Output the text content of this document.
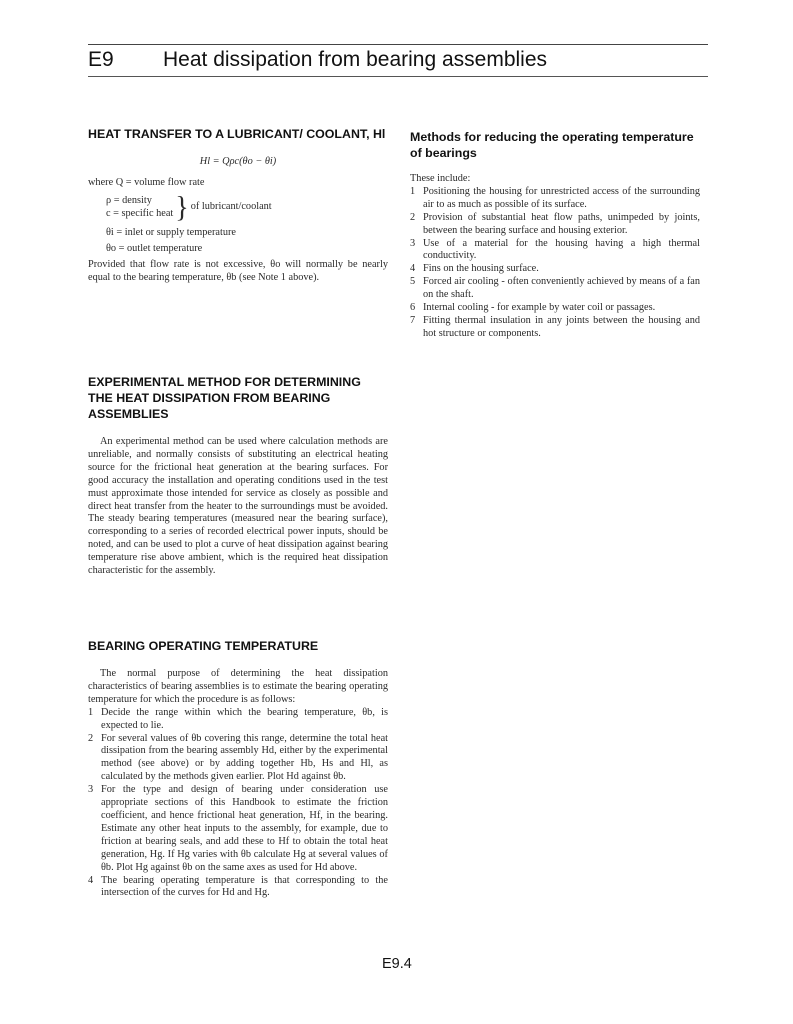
E9 Heat dissipation from bearing assemblies
HEAT TRANSFER TO A LUBRICANT/ COOLANT, Hl

Hl = Qρc(θo − θi)

where Q = volume flow rate

ρ = density
c = specific heat } of lubricant/coolant

θi = inlet or supply temperature

θo = outlet temperature

Provided that flow rate is not excessive, θo will normally be nearly equal to the bearing temperature, θb (see Note 1 above).

EXPERIMENTAL METHOD FOR DETERMINING THE HEAT DISSIPATION FROM BEARING ASSEMBLIES

An experimental method can be used where calculation methods are unreliable, and normally consists of substituting an electrical heating source for the frictional heat generation at the bearing surfaces. For good accuracy the installation and operating conditions used in the test must approximate those intended for service as closely as possible and direct heat transfer from the heater to the surroundings must be avoided. The steady bearing temperatures (measured near the bearing surface), corresponding to a series of recorded electrical power inputs, should be noted, and can be used to plot a curve of heat dissipation against bearing temperature rise above ambient, which is the required heat dissipation characteristic for the assembly.

BEARING OPERATING TEMPERATURE

The normal purpose of determining the heat dissipation characteristics of bearing assemblies is to estimate the bearing operating temperature for which the procedure is as follows:

1 Decide the range within which the bearing temperature, θb, is expected to lie.
2 For several values of θb covering this range, determine the total heat dissipation from the bearing assembly Hd, either by the experimental method (see above) or by adding together Hb, Hs and Hl, as calculated by the methods given earlier. Plot Hd against θb.
3 For the type and design of bearing under consideration use appropriate sections of this Handbook to estimate the friction coefficient, and hence frictional heat generation, Hf, in the bearing. Estimate any other heat inputs to the assembly, for example, due to friction at bearing seals, and add these to Hf to obtain the total heat generation, Hg. If Hg varies with θb calculate Hg at several values of θb. Plot Hg against θb on the same axes as used for Hd above.
4 The bearing operating temperature is that corresponding to the intersection of the curves for Hd and Hg.
Methods for reducing the operating temperature of bearings

These include:

1 Positioning the housing for unrestricted access of the surrounding air to as much as possible of its surface.
2 Provision of substantial heat flow paths, unimpeded by joints, between the bearing surface and housing exterior.
3 Use of a material for the housing having a high thermal conductivity.
4 Fins on the housing surface.
5 Forced air cooling - often conveniently achieved by means of a fan on the shaft.
6 Internal cooling - for example by water coil or passages.
7 Fitting thermal insulation in any joints between the housing and hot structure or components.
E9.4
